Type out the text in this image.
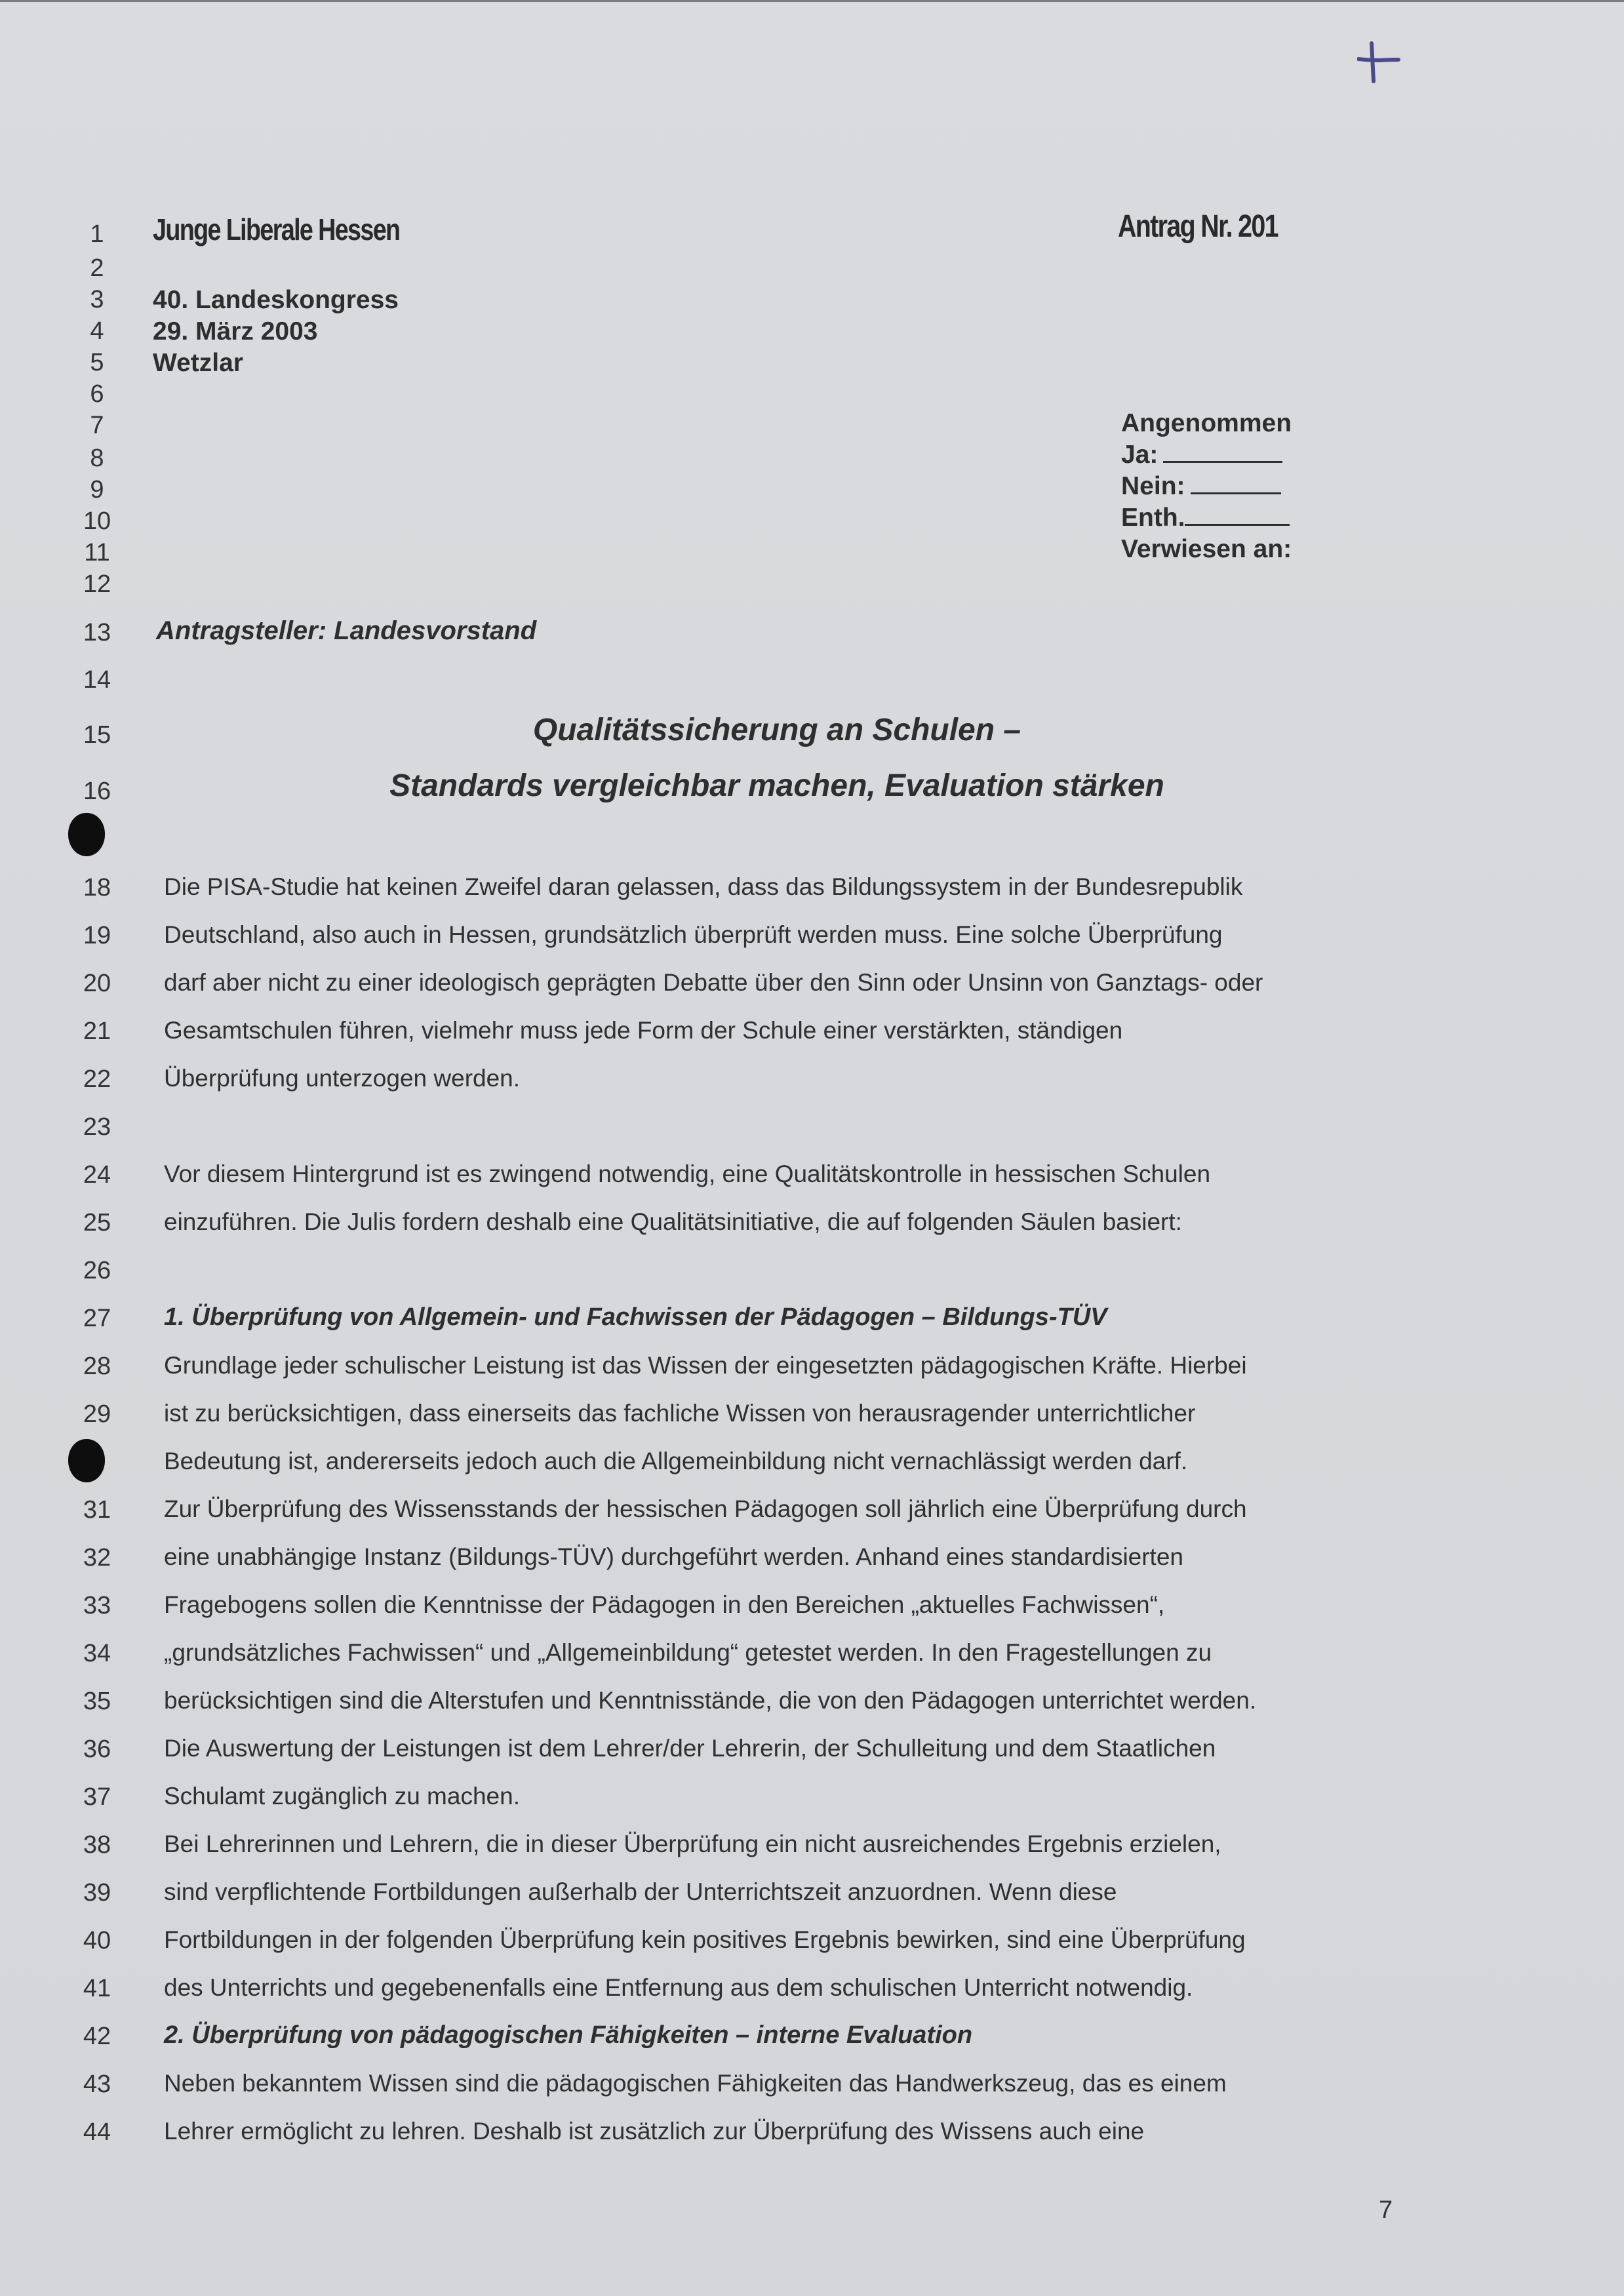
1
2
3
4
5
6
7
8
9
10
11
12
13
14
15
16
18
19
20
21
22
23
24
25
26
27
28
29
31
32
33
34
35
36
37
38
39
40
41
42
43
44
Junge Liberale Hessen	Antrag Nr. 201
40. Landeskongress
29. März 2003
Wetzlar
Angenommen
Ja:
Nein:
Enth.
Verwiesen an:
Antragsteller: Landesvorstand
Qualitätssicherung an Schulen –
Standards vergleichbar machen, Evaluation stärken
Die PISA-Studie hat keinen Zweifel daran gelassen, dass das Bildungssystem in der Bundesrepublik
Deutschland, also auch in Hessen, grundsätzlich überprüft werden muss. Eine solche Überprüfung
darf aber nicht zu einer ideologisch geprägten Debatte über den Sinn oder Unsinn von Ganztags- oder
Gesamtschulen führen, vielmehr muss jede Form der Schule einer verstärkten, ständigen
Überprüfung unterzogen werden.
Vor diesem Hintergrund ist es zwingend notwendig, eine Qualitätskontrolle in hessischen Schulen
einzuführen. Die Julis fordern deshalb eine Qualitätsinitiative, die auf folgenden Säulen basiert:
1. Überprüfung von Allgemein- und Fachwissen der Pädagogen – Bildungs-TÜV
Grundlage jeder schulischer Leistung ist das Wissen der eingesetzten pädagogischen Kräfte. Hierbei
ist zu berücksichtigen, dass einerseits das fachliche Wissen von herausragender unterrichtlicher
Bedeutung ist, andererseits jedoch auch die Allgemeinbildung nicht vernachlässigt werden darf.
Zur Überprüfung des Wissensstands der hessischen Pädagogen soll jährlich eine Überprüfung durch
eine unabhängige Instanz (Bildungs-TÜV) durchgeführt werden. Anhand eines standardisierten
Fragebogens sollen die Kenntnisse der Pädagogen in den Bereichen „aktuelles Fachwissen“,
„grundsätzliches Fachwissen“ und „Allgemeinbildung“ getestet werden. In den Fragestellungen zu
berücksichtigen sind die Alterstufen und Kenntnisstände, die von den Pädagogen unterrichtet werden.
Die Auswertung der Leistungen ist dem Lehrer/der Lehrerin, der Schulleitung und dem Staatlichen
Schulamt zugänglich zu machen.
Bei Lehrerinnen und Lehrern, die in dieser Überprüfung ein nicht ausreichendes Ergebnis erzielen,
sind verpflichtende Fortbildungen außerhalb der Unterrichtszeit anzuordnen. Wenn diese
Fortbildungen in der folgenden Überprüfung kein positives Ergebnis bewirken, sind eine Überprüfung
des Unterrichts und gegebenenfalls eine Entfernung aus dem schulischen Unterricht notwendig.
2. Überprüfung von pädagogischen Fähigkeiten – interne Evaluation
Neben bekanntem Wissen sind die pädagogischen Fähigkeiten das Handwerkszeug, das es einem
Lehrer ermöglicht zu lehren. Deshalb ist zusätzlich zur Überprüfung des Wissens auch eine
7
